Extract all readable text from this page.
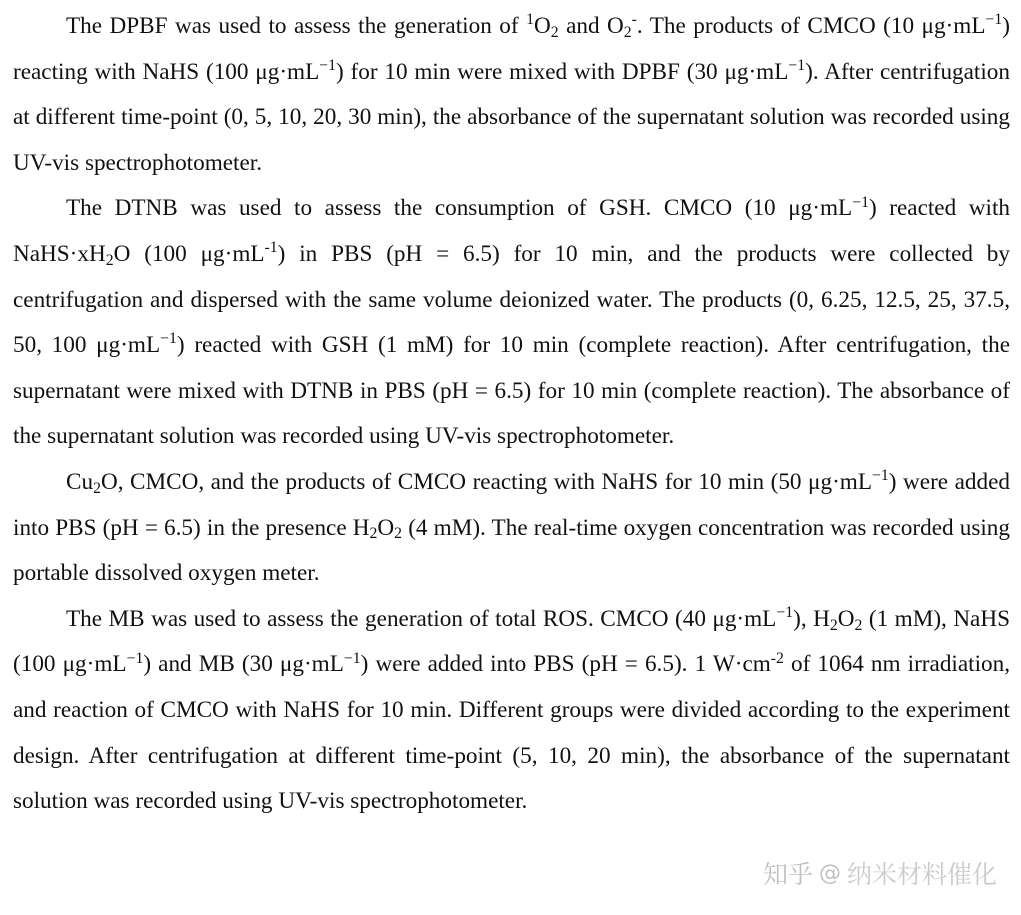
The DPBF was used to assess the generation of $^1O_2$ and $O_2^-$. The products of CMCO (10 $\mu g\cdot mL^{-1}$) reacting with NaHS (100 $\mu g\cdot mL^{-1}$) for 10 min were mixed with DPBF (30 $\mu g\cdot mL^{-1}$). After centrifugation at different time-point (0, 5, 10, 20, 30 min), the absorbance of the supernatant solution was recorded using UV-vis spectrophotometer.

The DTNB was used to assess the consumption of GSH. CMCO (10 $\mu g\cdot mL^{-1}$) reacted with $NaHS\cdot xH_2O$ (100 $\mu g\cdot mL^{-1}$) in PBS (pH = 6.5) for 10 min, and the products were collected by centrifugation and dispersed with the same volume deionized water. The products (0, 6.25, 12.5, 25, 37.5, 50, 100 $\mu g\cdot mL^{-1}$) reacted with GSH (1 mM) for 10 min (complete reaction). After centrifugation, the supernatant were mixed with DTNB in PBS (pH = 6.5) for 10 min (complete reaction). The absorbance of the supernatant solution was recorded using UV-vis spectrophotometer.

$Cu_2O$, CMCO, and the products of CMCO reacting with NaHS for 10 min (50 $\mu g\cdot mL^{-1}$) were added into PBS (pH = 6.5) in the presence $H_2O_2$ (4 mM). The real-time oxygen concentration was recorded using portable dissolved oxygen meter.

The MB was used to assess the generation of total ROS. CMCO (40 $\mu g\cdot mL^{-1}$), $H_2O_2$ (1 mM), NaHS (100 $\mu g\cdot mL^{-1}$) and MB (30 $\mu g\cdot mL^{-1}$) were added into PBS (pH = 6.5). 1 $W\cdot cm^{-2}$ of 1064 nm irradiation, and reaction of CMCO with NaHS for 10 min. Different groups were divided according to the experiment design. After centrifugation at different time-point (5, 10, 20 min), the absorbance of the supernatant solution was recorded using UV-vis spectrophotometer.

知乎 @ 纳米材料催化
